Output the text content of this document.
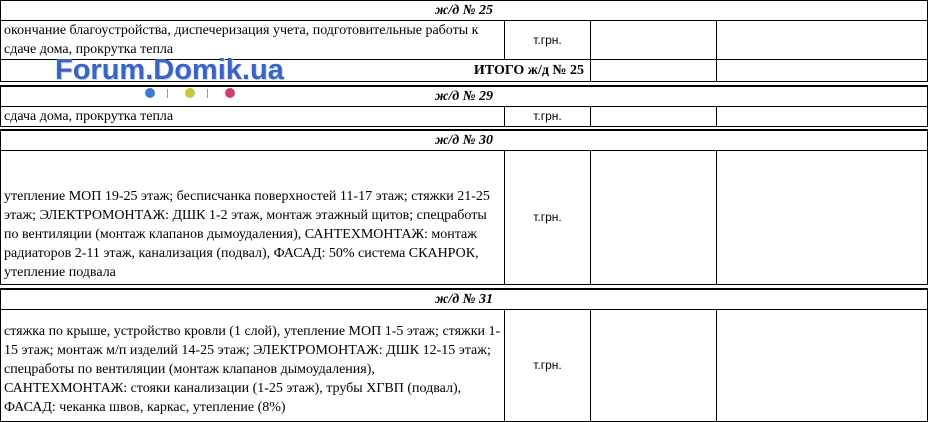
ж/д № 25			
окончание благоустройства, диспечеризация учета, подготовительные работы к сдаче дома, прокрутка тепла	т.грн.		
ИТОГО ж/д № 25			

ж/д № 29			
сдача дома, прокрутка тепла	т.грн.		

ж/д № 30			
утепление МОП 19-25 этаж; бесписчанка поверхностей 11-17 этаж; стяжки 21-25 этаж; ЭЛЕКТРОМОНТАЖ: ДШК 1-2 этаж, монтаж этажный щитов; спецработы по вентиляции (монтаж клапанов дымоудаления), САНТЕХМОНТАЖ: монтаж радиаторов 2-11 этаж, канализация (подвал), ФАСАД: 50% система СКАНРОК, утепление подвала	т.грн.		

ж/д № 31			

стяжка по крыше, устройство кровли (1 слой), утепление МОП 1-5 этаж; стяжки 1-15 этаж; монтаж м/п изделий 14-25 этаж; ЭЛЕКТРОМОНТАЖ: ДШК 12-15 этаж; спецработы по вентиляции (монтаж клапанов дымоудаления), САНТЕХМОНТАЖ: стояки канализации (1-25 этаж), трубы ХГВП (подвал), ФАСАД: чеканка швов, каркас, утепление (8%)	т.грн.		
Forum.Domik.ua
